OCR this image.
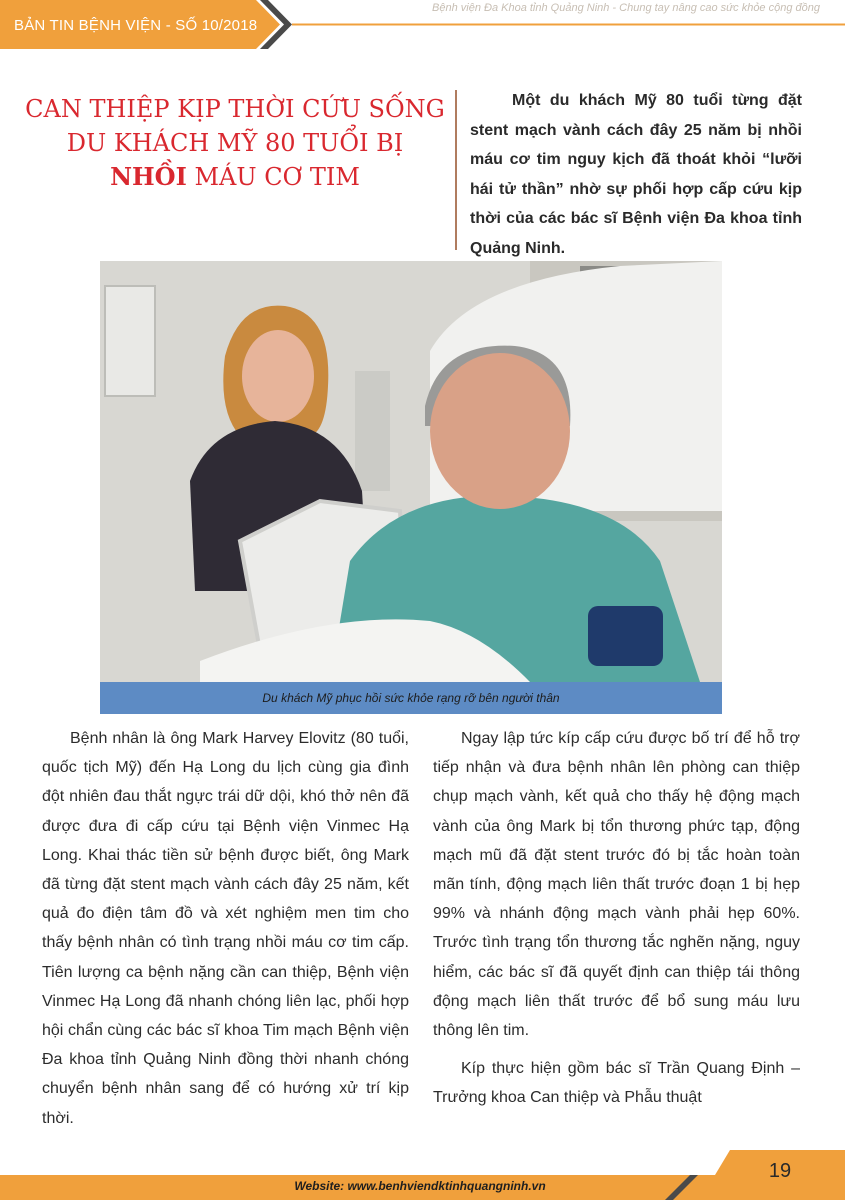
BẢN TIN BỆNH VIỆN - SỐ 10/2018
Bệnh viện Đa Khoa tỉnh Quảng Ninh - Chung tay nâng cao sức khỏe cộng đồng
CAN THIỆP KỊP THỜI CỨU SỐNG
DU KHÁCH MỸ 80 TUỔI BỊ
NHỒI MÁU CƠ TIM
Một du khách Mỹ 80 tuổi từng đặt stent mạch vành cách đây 25 năm bị nhồi máu cơ tim nguy kịch đã thoát khỏi “lưỡi hái tử thần” nhờ sự phối hợp cấp cứu kịp thời của các bác sĩ Bệnh viện Đa khoa tỉnh Quảng Ninh.
Du khách Mỹ phục hồi sức khỏe rạng rỡ bên người thân

Bệnh nhân là ông Mark Harvey Elovitz (80 tuổi, quốc tịch Mỹ) đến Hạ Long du lịch cùng gia đình đột nhiên đau thắt ngực trái dữ dội, khó thở nên đã được đưa đi cấp cứu tại Bệnh viện Vinmec Hạ Long. Khai thác tiền sử bệnh được biết, ông Mark đã từng đặt stent mạch vành cách đây 25 năm, kết quả đo điện tâm đồ và xét nghiệm men tim cho thấy bệnh nhân có tình trạng nhồi máu cơ tim cấp. Tiên lượng ca bệnh nặng cần can thiệp, Bệnh viện Vinmec Hạ Long đã nhanh chóng liên lạc, phối hợp hội chẩn cùng các bác sĩ khoa Tim mạch Bệnh viện Đa khoa tỉnh Quảng Ninh đồng thời nhanh chóng chuyển bệnh nhân sang để có hướng xử trí kịp thời.

Ngay lập tức kíp cấp cứu được bố trí để hỗ trợ tiếp nhận và đưa bệnh nhân lên phòng can thiệp chụp mạch vành, kết quả cho thấy hệ động mạch vành của ông Mark bị tổn thương phức tạp, động mạch mũ đã đặt stent trước đó bị tắc hoàn toàn mãn tính, động mạch liên thất trước đoạn 1 bị hẹp 99% và nhánh động mạch vành phải hẹp 60%. Trước tình trạng tổn thương tắc nghẽn nặng, nguy hiểm, các bác sĩ đã quyết định can thiệp tái thông động mạch liên thất trước để bổ sung máu lưu thông lên tim.

Kíp thực hiện gồm bác sĩ Trần Quang Định – Trưởng khoa Can thiệp và Phẫu thuật

Website: www.benhviendktinhquangninh.vn
19
